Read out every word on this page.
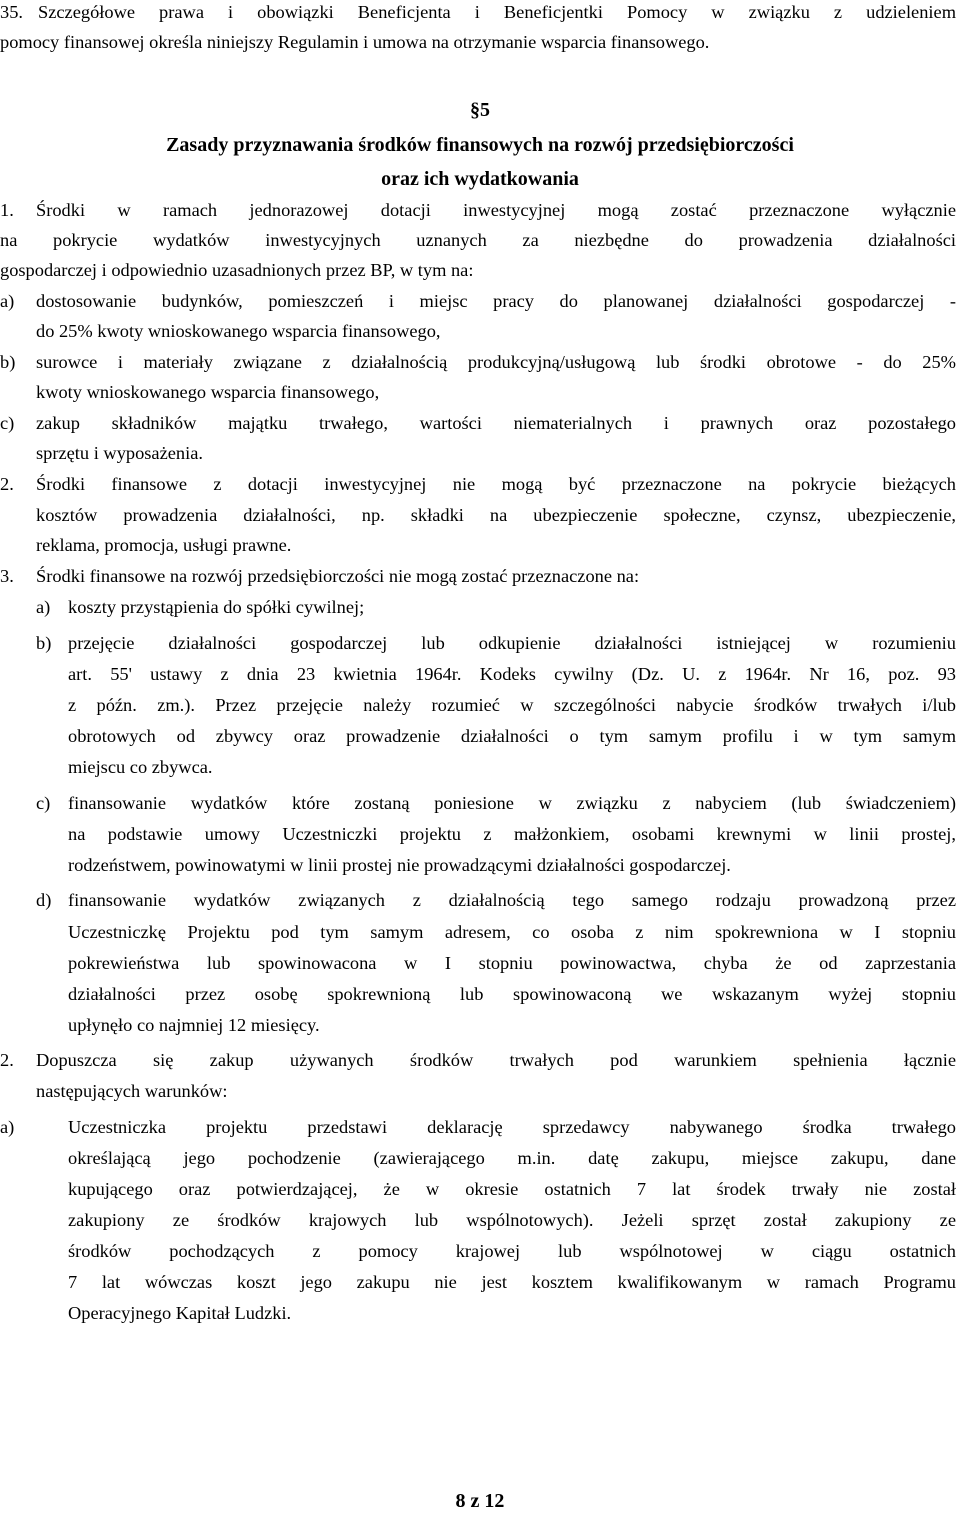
35. Szczegółowe prawa i obowiązki Beneficjenta i Beneficjentki Pomocy w związku z udzieleniem
pomocy finansowej określa niniejszy Regulamin i umowa na otrzymanie wsparcia finansowego.
§5
Zasady przyznawania środków finansowych na rozwój przedsiębiorczości
oraz ich wydatkowania
1. Środki w ramach jednorazowej dotacji inwestycyjnej mogą zostać przeznaczone wyłącznie
na pokrycie wydatków inwestycyjnych uznanych za niezbędne do prowadzenia działalności
gospodarczej i odpowiednio uzasadnionych przez BP, w tym na:
a) dostosowanie budynków, pomieszczeń i miejsc pracy do planowanej działalności gospodarczej -
do 25% kwoty wnioskowanego wsparcia finansowego,
b) surowce i materiały związane z działalnością produkcyjną/usługową lub środki obrotowe - do 25%
kwoty wnioskowanego wsparcia finansowego,
c) zakup składników majątku trwałego, wartości niematerialnych i prawnych oraz pozostałego
sprzętu i wyposażenia.
2. Środki finansowe z dotacji inwestycyjnej nie mogą być przeznaczone na pokrycie bieżących
kosztów prowadzenia działalności, np. składki na ubezpieczenie społeczne, czynsz, ubezpieczenie,
reklama, promocja, usługi prawne.
3. Środki finansowe na rozwój przedsiębiorczości nie mogą zostać przeznaczone na:
a) koszty przystąpienia do spółki cywilnej;
b) przejęcie działalności gospodarczej lub odkupienie działalności istniejącej w rozumieniu
art. 55' ustawy z dnia 23 kwietnia 1964r. Kodeks cywilny (Dz. U. z 1964r. Nr 16, poz. 93
z późn. zm.). Przez przejęcie należy rozumieć w szczególności nabycie środków trwałych i/lub
obrotowych od zbywcy oraz prowadzenie działalności o tym samym profilu i w tym samym
miejscu co zbywca.
c) finansowanie wydatków które zostaną poniesione w związku z nabyciem (lub świadczeniem)
na podstawie umowy Uczestniczki projektu z małżonkiem, osobami krewnymi w linii prostej,
rodzeństwem, powinowatymi w linii prostej nie prowadzącymi działalności gospodarczej.
d) finansowanie wydatków związanych z działalnością tego samego rodzaju prowadzoną przez
Uczestniczkę Projektu pod tym samym adresem, co osoba z nim spokrewniona w I stopniu
pokrewieństwa lub spowinowacona w I stopniu powinowactwa, chyba że od zaprzestania
działalności przez osobę spokrewnioną lub spowinowaconą we wskazanym wyżej stopniu
upłynęło co najmniej 12 miesięcy.
2. Dopuszcza się zakup używanych środków trwałych pod warunkiem spełnienia łącznie
następujących warunków:
a)	Uczestniczka projektu przedstawi deklarację sprzedawcy nabywanego środka trwałego
określającą jego pochodzenie (zawierającego m.in. datę zakupu, miejsce zakupu, dane
kupującego oraz potwierdzającej, że w okresie ostatnich 7 lat środek trwały nie został
zakupiony ze środków krajowych lub wspólnotowych). Jeżeli sprzęt został zakupiony ze
środków pochodzących z pomocy krajowej lub wspólnotowej w ciągu ostatnich
7 lat wówczas koszt jego zakupu nie jest kosztem kwalifikowanym w ramach Programu
Operacyjnego Kapitał Ludzki.
8 z 12
